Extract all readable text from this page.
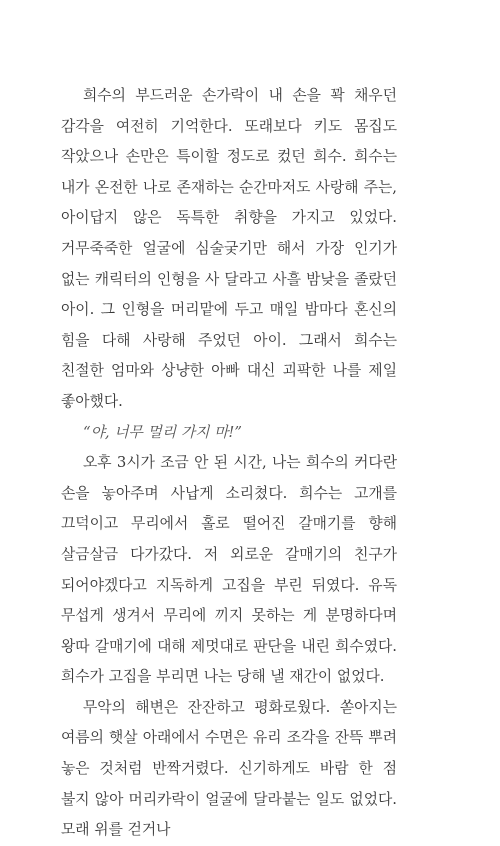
희수의 부드러운 손가락이 내 손을 꽉 채우던 감각을 여전히 기억한다. 또래보다 키도 몸집도 작았으나 손만은 특이할 정도로 컸던 희수. 희수는 내가 온전한 나로 존재하는 순간마저도 사랑해 주는, 아이답지 않은 독특한 취향을 가지고 있었다. 거무죽죽한 얼굴에 심술궂기만 해서 가장 인기가 없는 캐릭터의 인형을 사 달라고 사흘 밤낮을 졸랐던 아이. 그 인형을 머리맡에 두고 매일 밤마다 혼신의 힘을 다해 사랑해 주었던 아이. 그래서 희수는 친절한 엄마와 상냥한 아빠 대신 괴팍한 나를 제일 좋아했다.

“야, 너무 멀리 가지 마!”

오후 3시가 조금 안 된 시간, 나는 희수의 커다란 손을 놓아주며 사납게 소리쳤다. 희수는 고개를 끄덕이고 무리에서 홀로 떨어진 갈매기를 향해 살금살금 다가갔다. 저 외로운 갈매기의 친구가 되어야겠다고 지독하게 고집을 부린 뒤였다. 유독 무섭게 생겨서 무리에 끼지 못하는 게 분명하다며 왕따 갈매기에 대해 제멋대로 판단을 내린 희수였다. 희수가 고집을 부리면 나는 당해 낼 재간이 없었다.

무악의 해변은 잔잔하고 평화로웠다. 쏟아지는 여름의 햇살 아래에서 수면은 유리 조각을 잔뜩 뿌려 놓은 것처럼 반짝거렸다. 신기하게도 바람 한 점 불지 않아 머리카락이 얼굴에 달라붙는 일도 없었다. 모래 위를 걷거나
